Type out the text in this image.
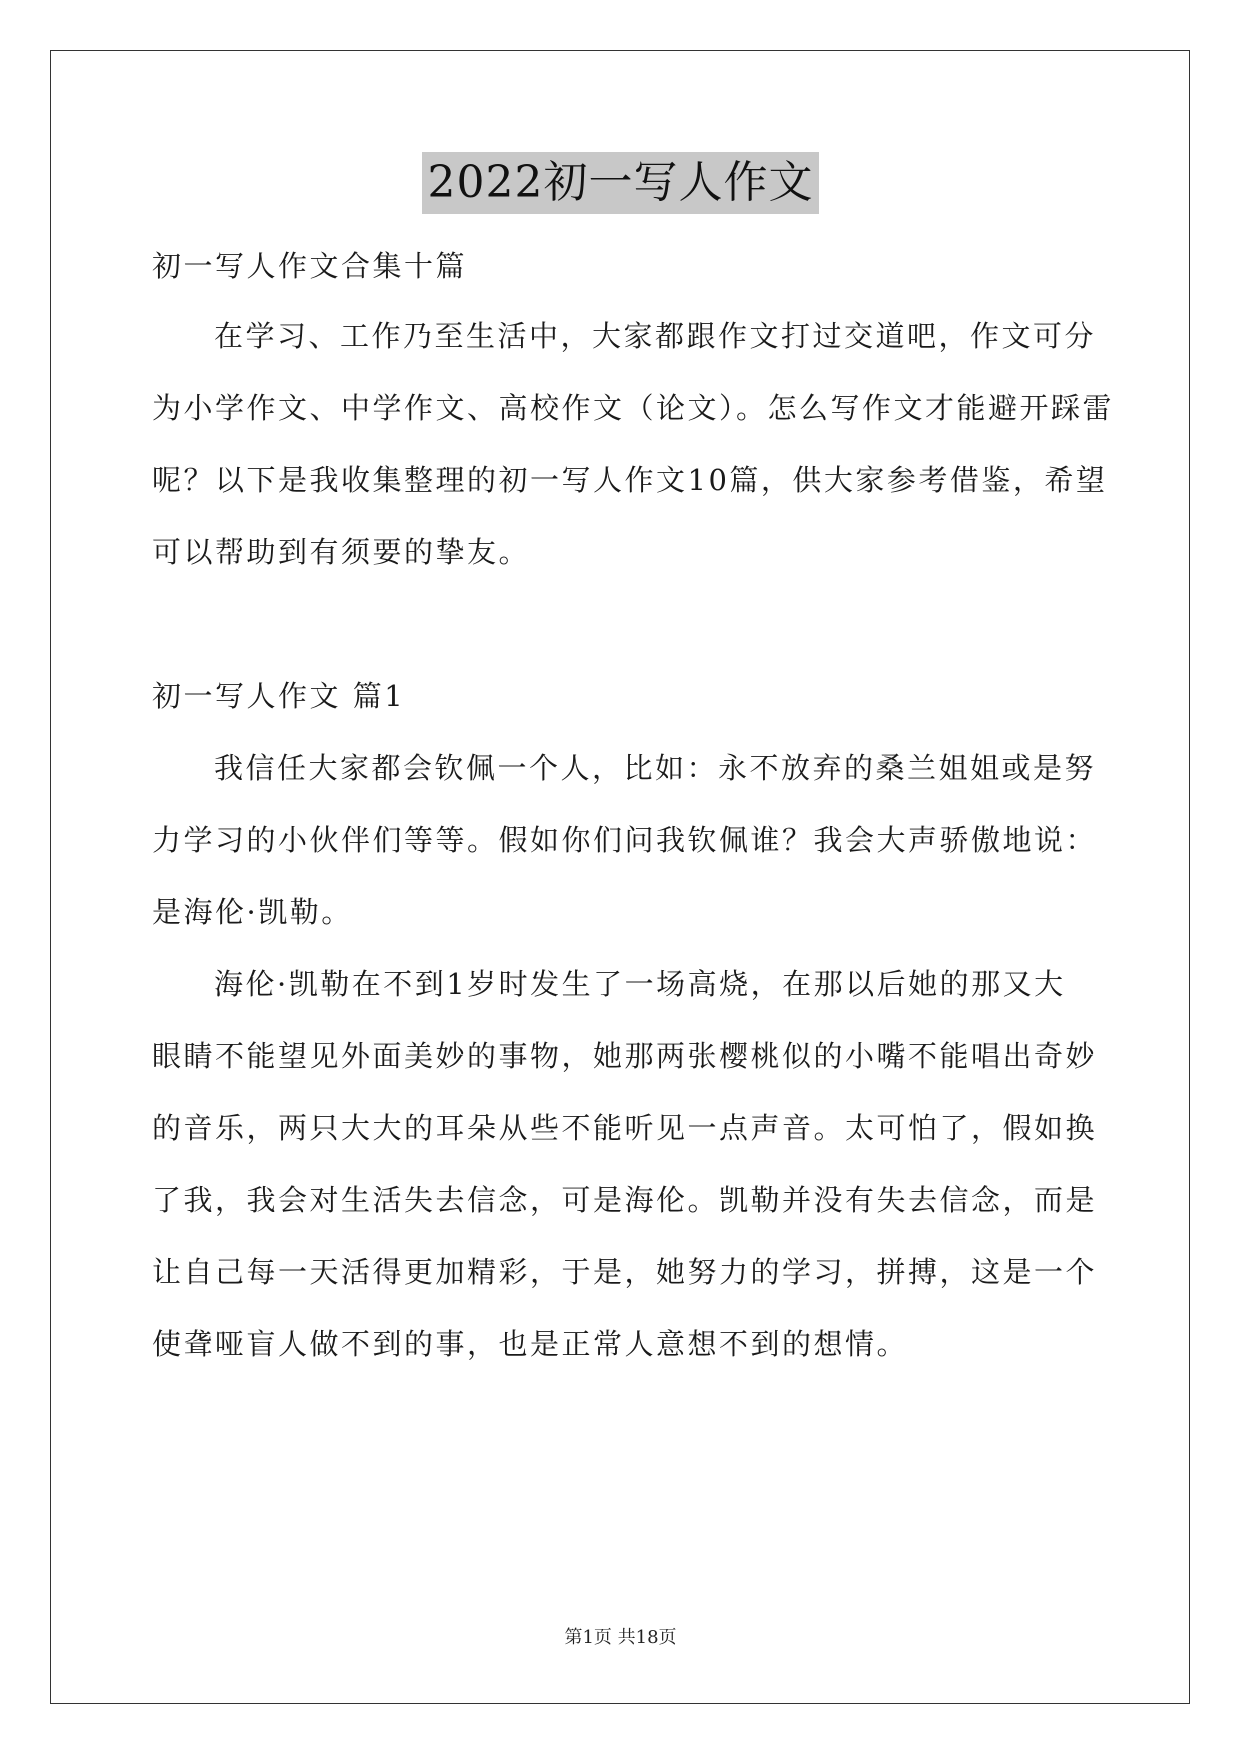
2022初一写人作文
初一写人作文合集十篇
在学习、工作乃至生活中，大家都跟作文打过交道吧，作文可分
为小学作文、中学作文、高校作文（论文）。怎么写作文才能避开踩雷
呢？以下是我收集整理的初一写人作文10篇，供大家参考借鉴，希望
可以帮助到有须要的挚友。
初一写人作文 篇1
我信任大家都会钦佩一个人，比如：永不放弃的桑兰姐姐或是努
力学习的小伙伴们等等。假如你们问我钦佩谁？我会大声骄傲地说：
是海伦·凯勒。
海伦·凯勒在不到1岁时发生了一场高烧，在那以后她的那又大
眼睛不能望见外面美妙的事物，她那两张樱桃似的小嘴不能唱出奇妙
的音乐，两只大大的耳朵从些不能听见一点声音。太可怕了，假如换
了我，我会对生活失去信念，可是海伦。凯勒并没有失去信念，而是
让自己每一天活得更加精彩，于是，她努力的学习，拼搏，这是一个
使聋哑盲人做不到的事，也是正常人意想不到的想情。
第1页 共18页
